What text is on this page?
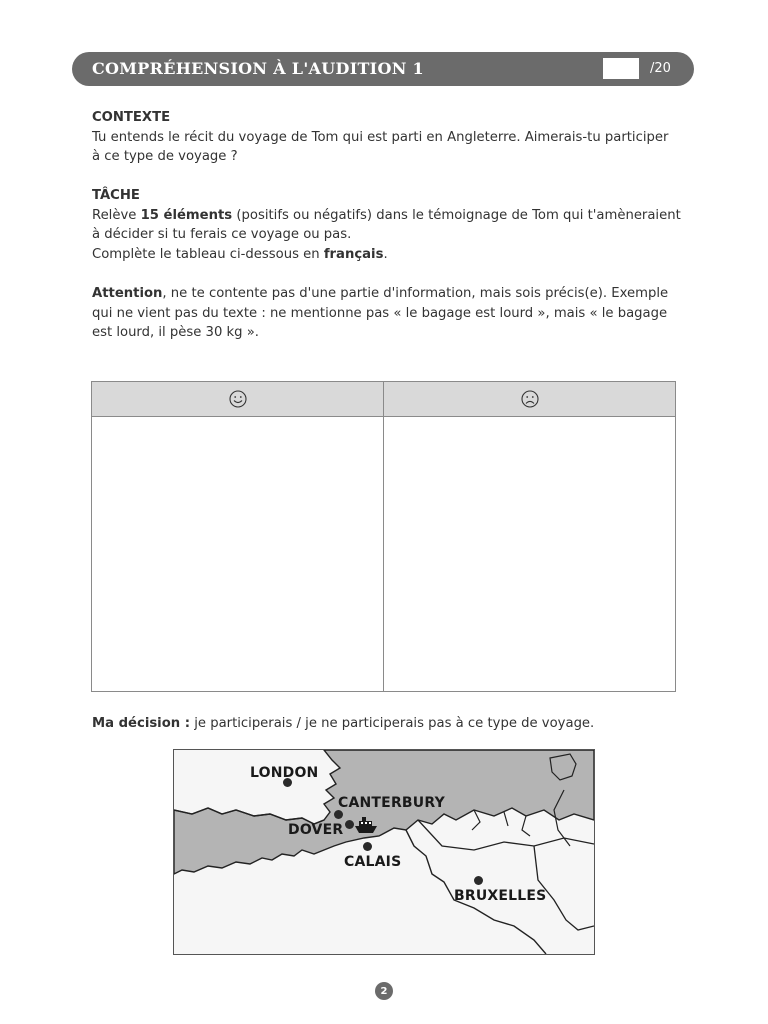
COMPRÉHENSION À L'AUDITION 1	/20

CONTEXTE

Tu entends le récit du voyage de Tom qui est parti en Angleterre. Aimerais-tu participer

à ce type de voyage ?

TÂCHE

Relève 15 éléments (positifs ou négatifs) dans le témoignage de Tom qui t'amèneraient

à décider si tu ferais ce voyage ou pas.

Complète le tableau ci-dessous en français.

Attention, ne te contente pas d'une partie d'information, mais sois précis(e). Exemple

qui ne vient pas du texte : ne mentionne pas « le bagage est lourd », mais « le bagage

est lourd, il pèse 30 kg ».

Ma décision : je participerais / je ne participerais pas à ce type de voyage.
LONDON
CANTERBURY
DOVER
CALAIS
BRUXELLES
2
